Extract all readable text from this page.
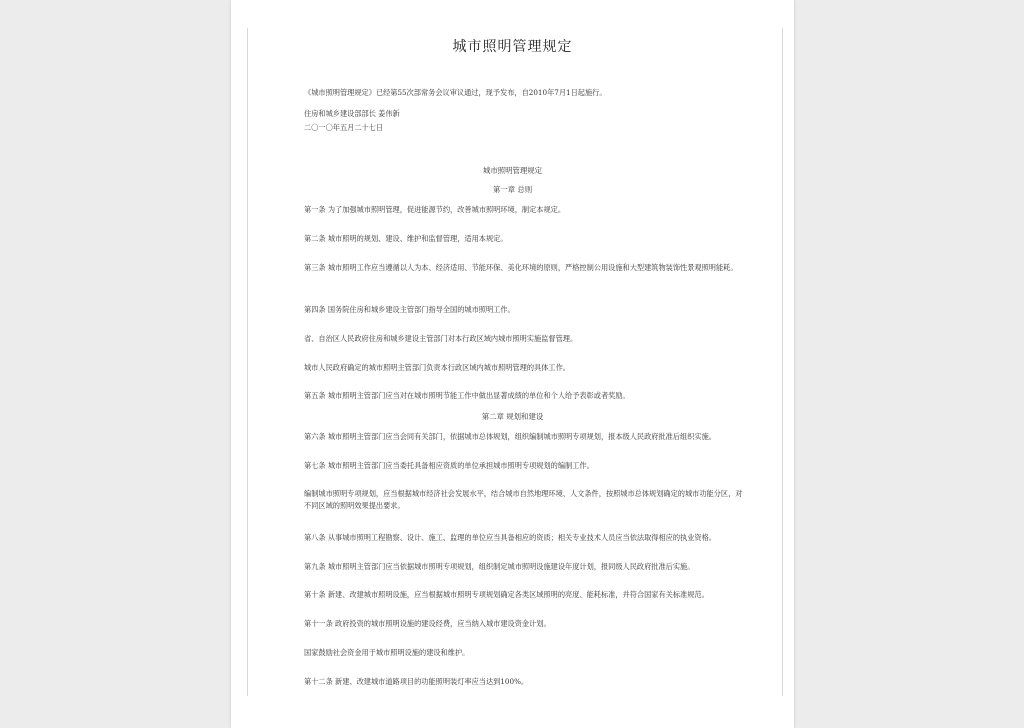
城市照明管理规定
《城市照明管理规定》已经第55次部常务会议审议通过，现予发布，自2010年7月1日起施行。
住房和城乡建设部部长 姜伟新
二〇一〇年五月二十七日
城市照明管理规定
第一章 总则
第一条 为了加强城市照明管理，促进能源节约，改善城市照明环境，制定本规定。
第二条 城市照明的规划、建设、维护和监督管理，适用本规定。
第三条 城市照明工作应当遵循以人为本、经济适用、节能环保、美化环境的原则，严格控制公用设施和大型建筑物装饰性景观照明能耗。
第四条 国务院住房和城乡建设主管部门指导全国的城市照明工作。
省、自治区人民政府住房和城乡建设主管部门对本行政区域内城市照明实施监督管理。
城市人民政府确定的城市照明主管部门负责本行政区域内城市照明管理的具体工作。
第五条 城市照明主管部门应当对在城市照明节能工作中做出显著成绩的单位和个人给予表彰或者奖励。
第二章 规划和建设
第六条 城市照明主管部门应当会同有关部门，依据城市总体规划，组织编制城市照明专项规划，报本级人民政府批准后组织实施。
第七条 城市照明主管部门应当委托具备相应资质的单位承担城市照明专项规划的编制工作。
编制城市照明专项规划，应当根据城市经济社会发展水平，结合城市自然地理环境、人文条件，按照城市总体规划确定的城市功能分区，对不同区域的照明效果提出要求。
第八条 从事城市照明工程勘察、设计、施工、监理的单位应当具备相应的资质；相关专业技术人员应当依法取得相应的执业资格。
第九条 城市照明主管部门应当依据城市照明专项规划，组织制定城市照明设施建设年度计划，报同级人民政府批准后实施。
第十条 新建、改建城市照明设施，应当根据城市照明专项规划确定各类区域照明的亮度、能耗标准，并符合国家有关标准规范。
第十一条 政府投资的城市照明设施的建设经费，应当纳入城市建设资金计划。
国家鼓励社会资金用于城市照明设施的建设和维护。
第十二条 新建、改建城市道路项目的功能照明装灯率应当达到100%。
